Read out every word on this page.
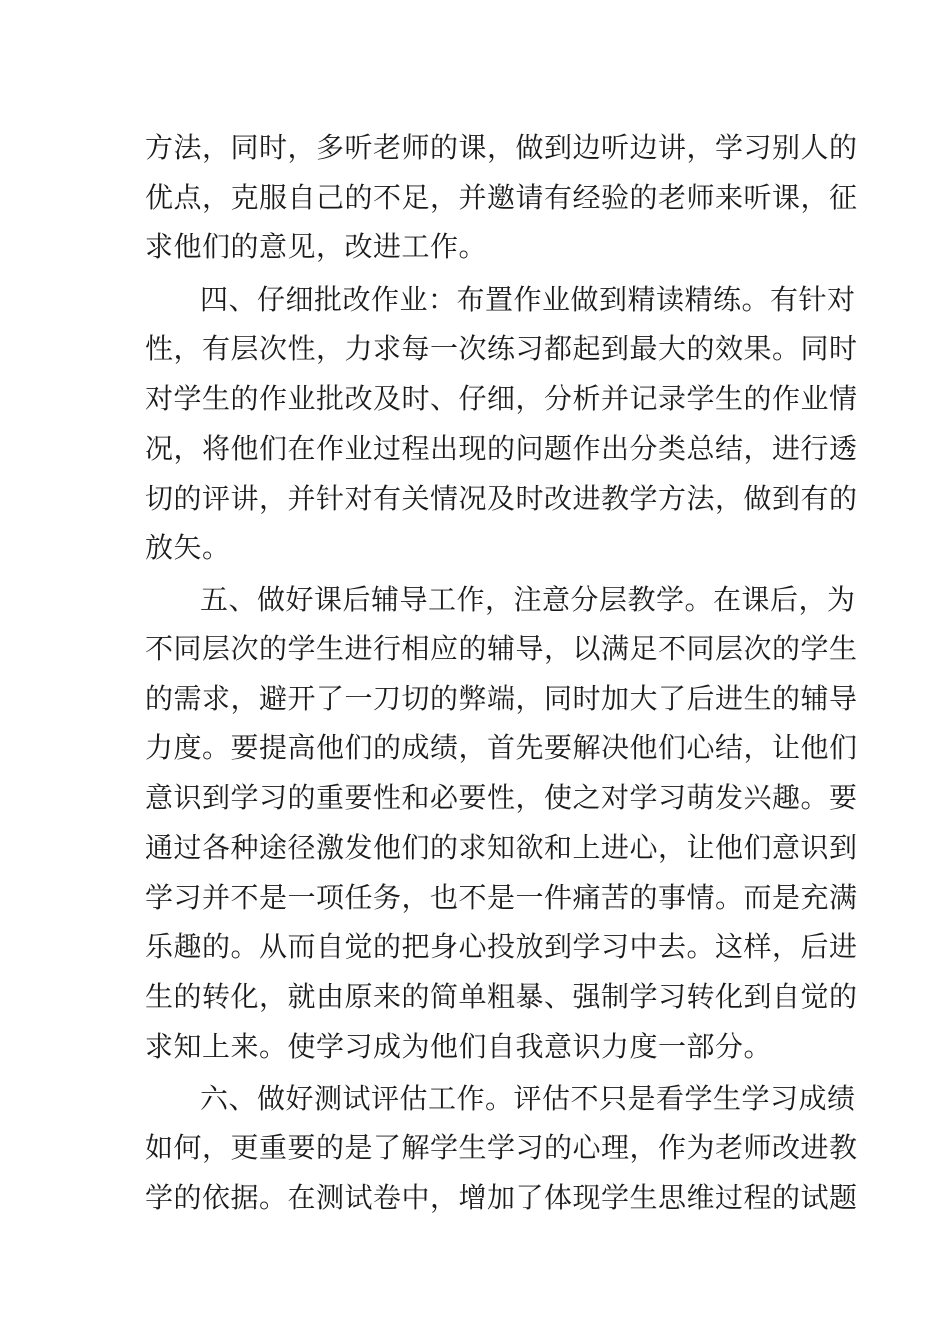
方法，同时，多听老师的课，做到边听边讲，学习别人的

优点，克服自己的不足，并邀请有经验的老师来听课，征

求他们的意见，改进工作。

四、仔细批改作业：布置作业做到精读精练。有针对

性，有层次性，力求每一次练习都起到最大的效果。同时

对学生的作业批改及时、仔细，分析并记录学生的作业情

况，将他们在作业过程出现的问题作出分类总结，进行透

切的评讲，并针对有关情况及时改进教学方法，做到有的

放矢。

五、做好课后辅导工作，注意分层教学。在课后，为

不同层次的学生进行相应的辅导，以满足不同层次的学生

的需求，避开了一刀切的弊端，同时加大了后进生的辅导

力度。要提高他们的成绩，首先要解决他们心结，让他们

意识到学习的重要性和必要性，使之对学习萌发兴趣。要

通过各种途径激发他们的求知欲和上进心，让他们意识到

学习并不是一项任务，也不是一件痛苦的事情。而是充满

乐趣的。从而自觉的把身心投放到学习中去。这样，后进

生的转化，就由原来的简单粗暴、强制学习转化到自觉的

求知上来。使学习成为他们自我意识力度一部分。

六、做好测试评估工作。评估不只是看学生学习成绩

如何，更重要的是了解学生学习的心理，作为老师改进教

学的依据。在测试卷中，增加了体现学生思维过程的试题
